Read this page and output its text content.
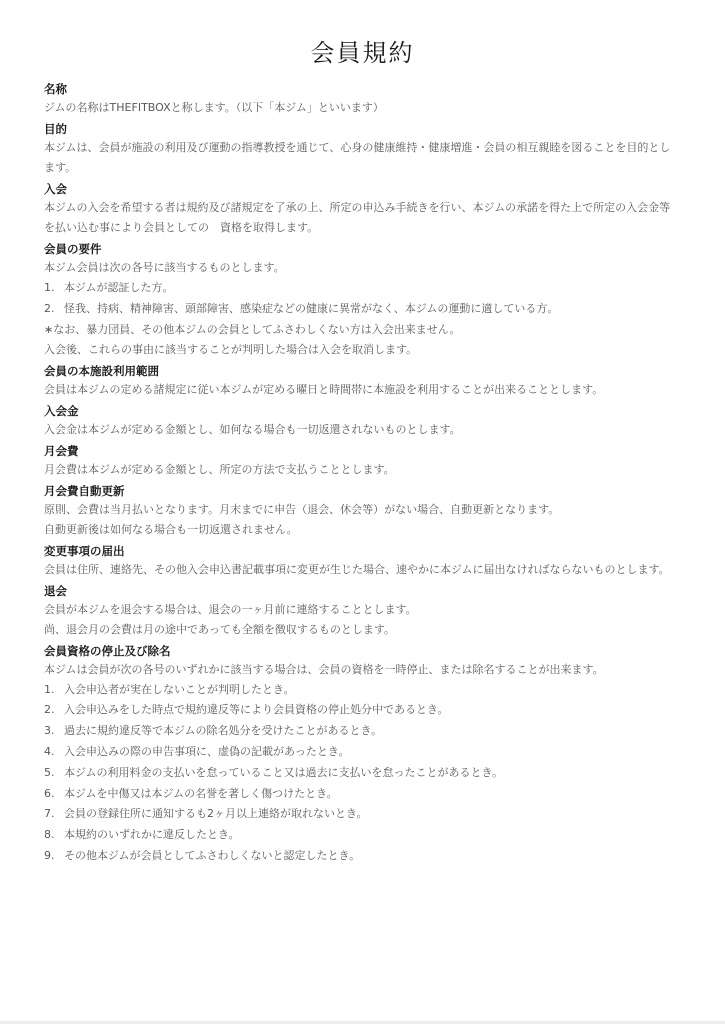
会員規約

名称

ジムの名称はTHEFITBOXと称します。（以下「本ジム」といいます）

目的

本ジムは、会員が施設の利用及び運動の指導教授を通じて、心身の健康維持・健康増進・会員の相互親睦を図ることを目的とします。

入会

本ジムの入会を希望する者は規約及び諸規定を了承の上、所定の申込み手続きを行い、本ジムの承諾を得た上で所定の入会金等を払い込む事により会員としての　資格を取得します。

会員の要件

本ジム会員は次の各号に該当するものとします。

1. 本ジムが認証した方。
2. 怪我、持病、精神障害、頭部障害、感染症などの健康に異常がなく、本ジムの運動に適している方。

∗なお、暴力団員、その他本ジムの会員としてふさわしくない方は入会出来ません。

入会後、これらの事由に該当することが判明した場合は入会を取消します。

会員の本施設利用範囲

会員は本ジムの定める諸規定に従い本ジムが定める曜日と時間帯に本施設を利用することが出来ることとします。

入会金

入会金は本ジムが定める金額とし、如何なる場合も一切返還されないものとします。

月会費

月会費は本ジムが定める金額とし、所定の方法で支払うこととします。

月会費自動更新

原則、会費は当月払いとなります。月末までに申告（退会、休会等）がない場合、自動更新となります。

自動更新後は如何なる場合も一切返還されません。

変更事項の届出

会員は住所、連絡先、その他入会申込書記載事項に変更が生じた場合、速やかに本ジムに届出なければならないものとします。

退会

会員が本ジムを退会する場合は、退会の一ヶ月前に連絡することとします。

尚、退会月の会費は月の途中であっても全額を徴収するものとします。

会員資格の停止及び除名

本ジムは会員が次の各号のいずれかに該当する場合は、会員の資格を一時停止、または除名することが出来ます。

1. 入会申込者が実在しないことが判明したとき。
2. 入会申込みをした時点で規約違反等により会員資格の停止処分中であるとき。
3. 過去に規約違反等で本ジムの除名処分を受けたことがあるとき。
4. 入会申込みの際の申告事項に、虚偽の記載があったとき。
5. 本ジムの利用料金の支払いを怠っていること又は過去に支払いを怠ったことがあるとき。
6. 本ジムを中傷又は本ジムの名誉を著しく傷つけたとき。
7. 会員の登録住所に通知するも2ヶ月以上連絡が取れないとき。
8. 本規約のいずれかに違反したとき。
9. その他本ジムが会員としてふさわしくないと認定したとき。
